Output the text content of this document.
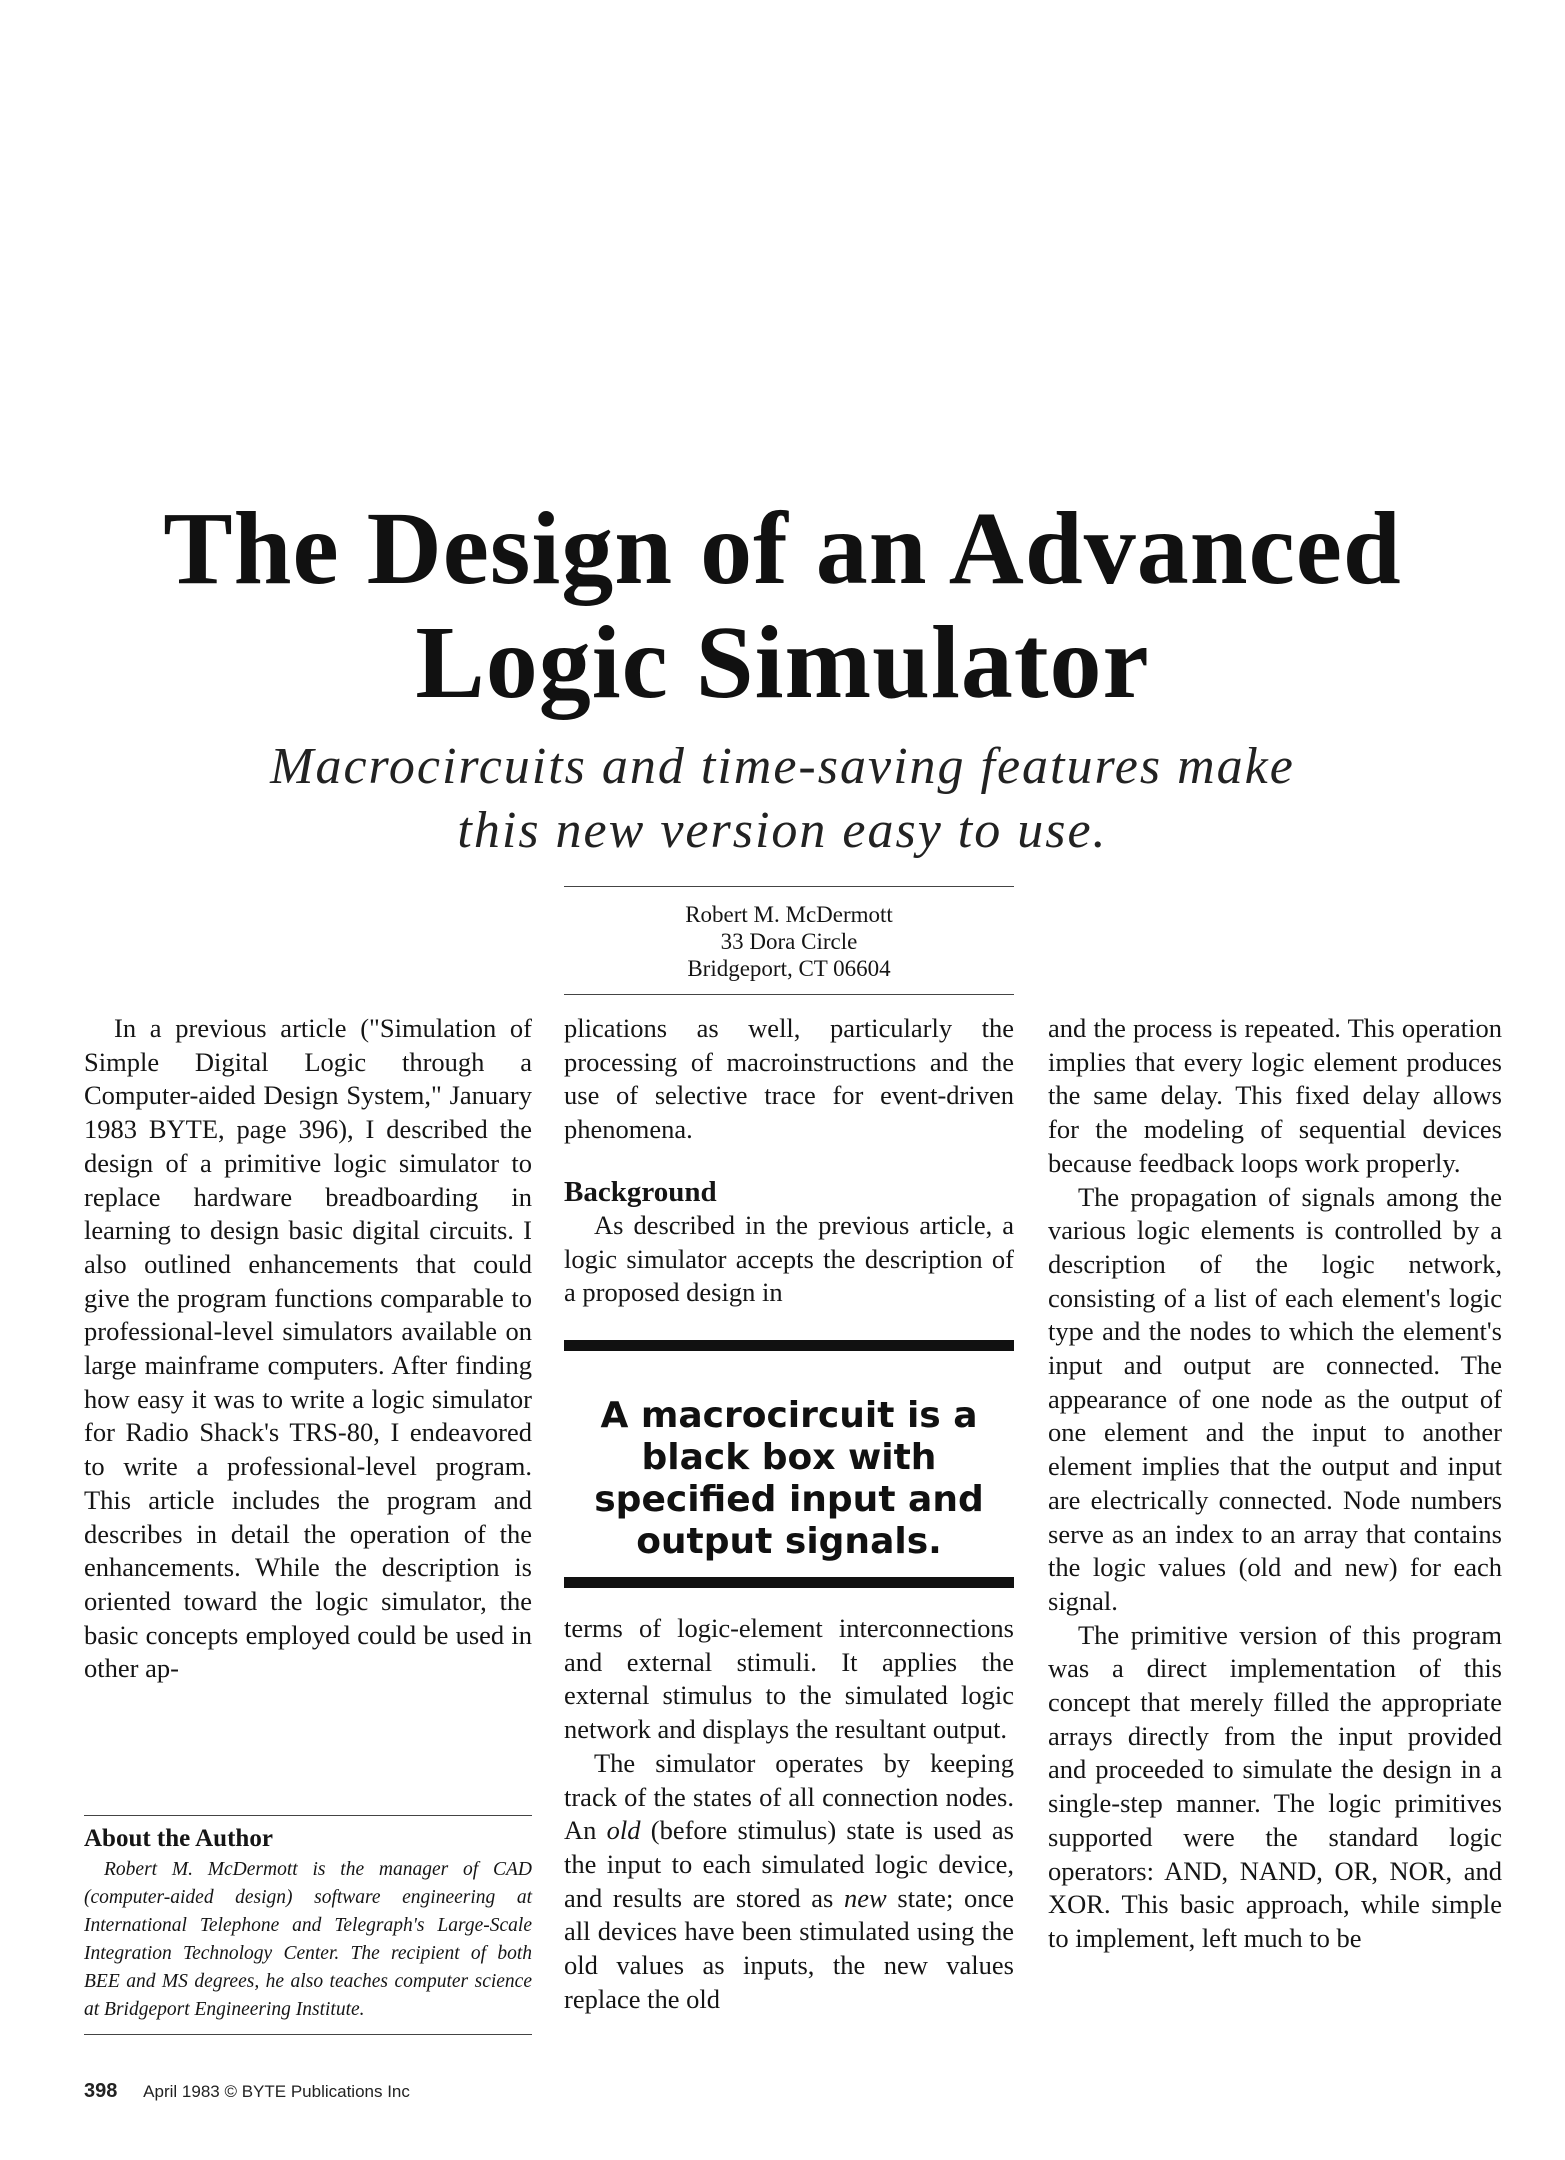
The Design of an Advanced
Logic Simulator
Macrocircuits and time-saving features make
this new version easy to use.
Robert M. McDermott
33 Dora Circle
Bridgeport, CT 06604

In a previous article ("Simulation of Simple Digital Logic through a Computer-aided Design System," January 1983 BYTE, page 396), I described the design of a primitive logic simulator to replace hardware breadboarding in learning to design basic digital circuits. I also outlined enhancements that could give the program functions comparable to professional-level simulators available on large mainframe computers. After finding how easy it was to write a logic simulator for Radio Shack's TRS-80, I endeavored to write a professional-level program. This article includes the program and describes in detail the operation of the enhancements. While the description is oriented toward the logic simulator, the basic concepts employed could be used in other ap-

plications as well, particularly the processing of macroinstructions and the use of selective trace for event-driven phenomena.

Background

As described in the previous article, a logic simulator accepts the description of a proposed design in

A macrocircuit is a black box with specified input and output signals.

terms of logic-element interconnections and external stimuli. It applies the external stimulus to the simulated logic network and displays the resultant output.

The simulator operates by keeping track of the states of all connection nodes. An old (before stimulus) state is used as the input to each simulated logic device, and results are stored as new state; once all devices have been stimulated using the old values as inputs, the new values replace the old

and the process is repeated. This operation implies that every logic element produces the same delay. This fixed delay allows for the modeling of sequential devices because feedback loops work properly.

The propagation of signals among the various logic elements is controlled by a description of the logic network, consisting of a list of each element's logic type and the nodes to which the element's input and output are connected. The appearance of one node as the output of one element and the input to another element implies that the output and input are electrically connected. Node numbers serve as an index to an array that contains the logic values (old and new) for each signal.

The primitive version of this program was a direct implementation of this concept that merely filled the appropriate arrays directly from the input provided and proceeded to simulate the design in a single-step manner. The logic primitives supported were the standard logic operators: AND, NAND, OR, NOR, and XOR. This basic approach, while simple to implement, left much to be

About the Author

Robert M. McDermott is the manager of CAD (computer-aided design) software engineering at International Telephone and Telegraph's Large-Scale Integration Technology Center. The recipient of both BEE and MS degrees, he also teaches computer science at Bridgeport Engineering Institute.

398 April 1983 © BYTE Publications Inc
